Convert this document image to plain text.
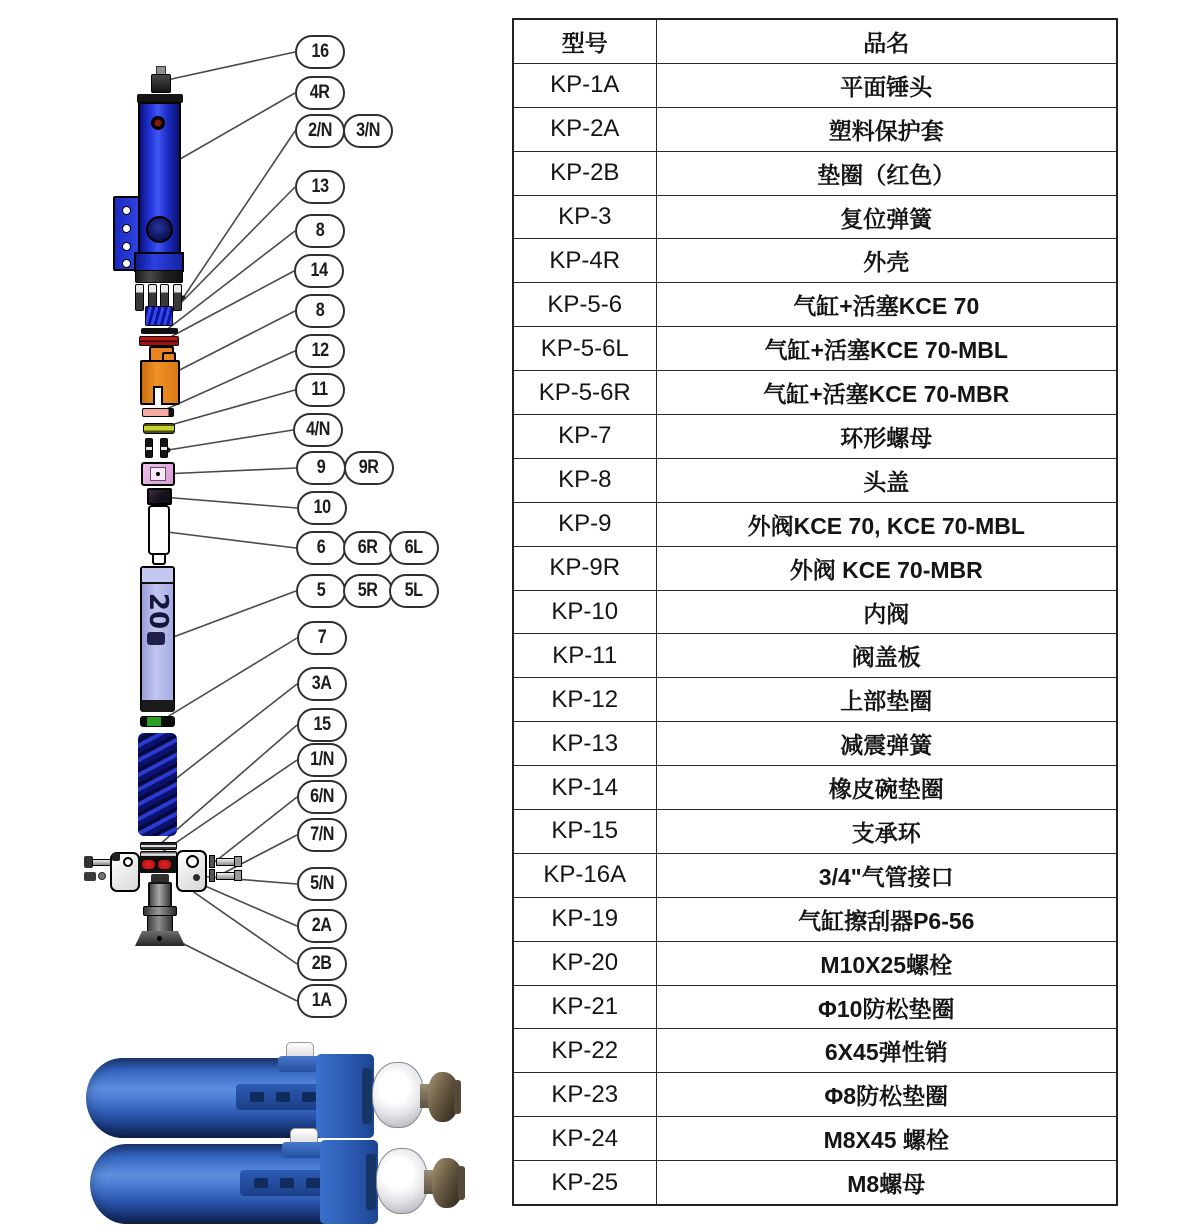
20
16
4R
2/N 3/N
13
8
14
8
12
11
4/N
9 9R
10
6 6R 6L
5 5R 5L
7
3A
15
1/N
6/N
7/N
5/N
2A
2B
1A
型号	品名
KP-1A	平面锤头
KP-2A	塑料保护套
KP-2B	垫圈（红色）
KP-3	复位弹簧
KP-4R	外壳
KP-5-6	气缸+活塞KCE 70
KP-5-6L	气缸+活塞KCE 70-MBL
KP-5-6R	气缸+活塞KCE 70-MBR
KP-7	环形螺母
KP-8	头盖
KP-9	外阀KCE 70, KCE 70-MBL
KP-9R	外阀 KCE 70-MBR
KP-10	内阀
KP-11	阀盖板
KP-12	上部垫圈
KP-13	减震弹簧
KP-14	橡皮碗垫圈
KP-15	支承环
KP-16A	3/4"气管接口
KP-19	气缸擦刮器P6-56
KP-20	M10X25螺栓
KP-21	Φ10防松垫圈
KP-22	6X45弹性销
KP-23	Φ8防松垫圈
KP-24	M8X45 螺栓
KP-25	M8螺母
